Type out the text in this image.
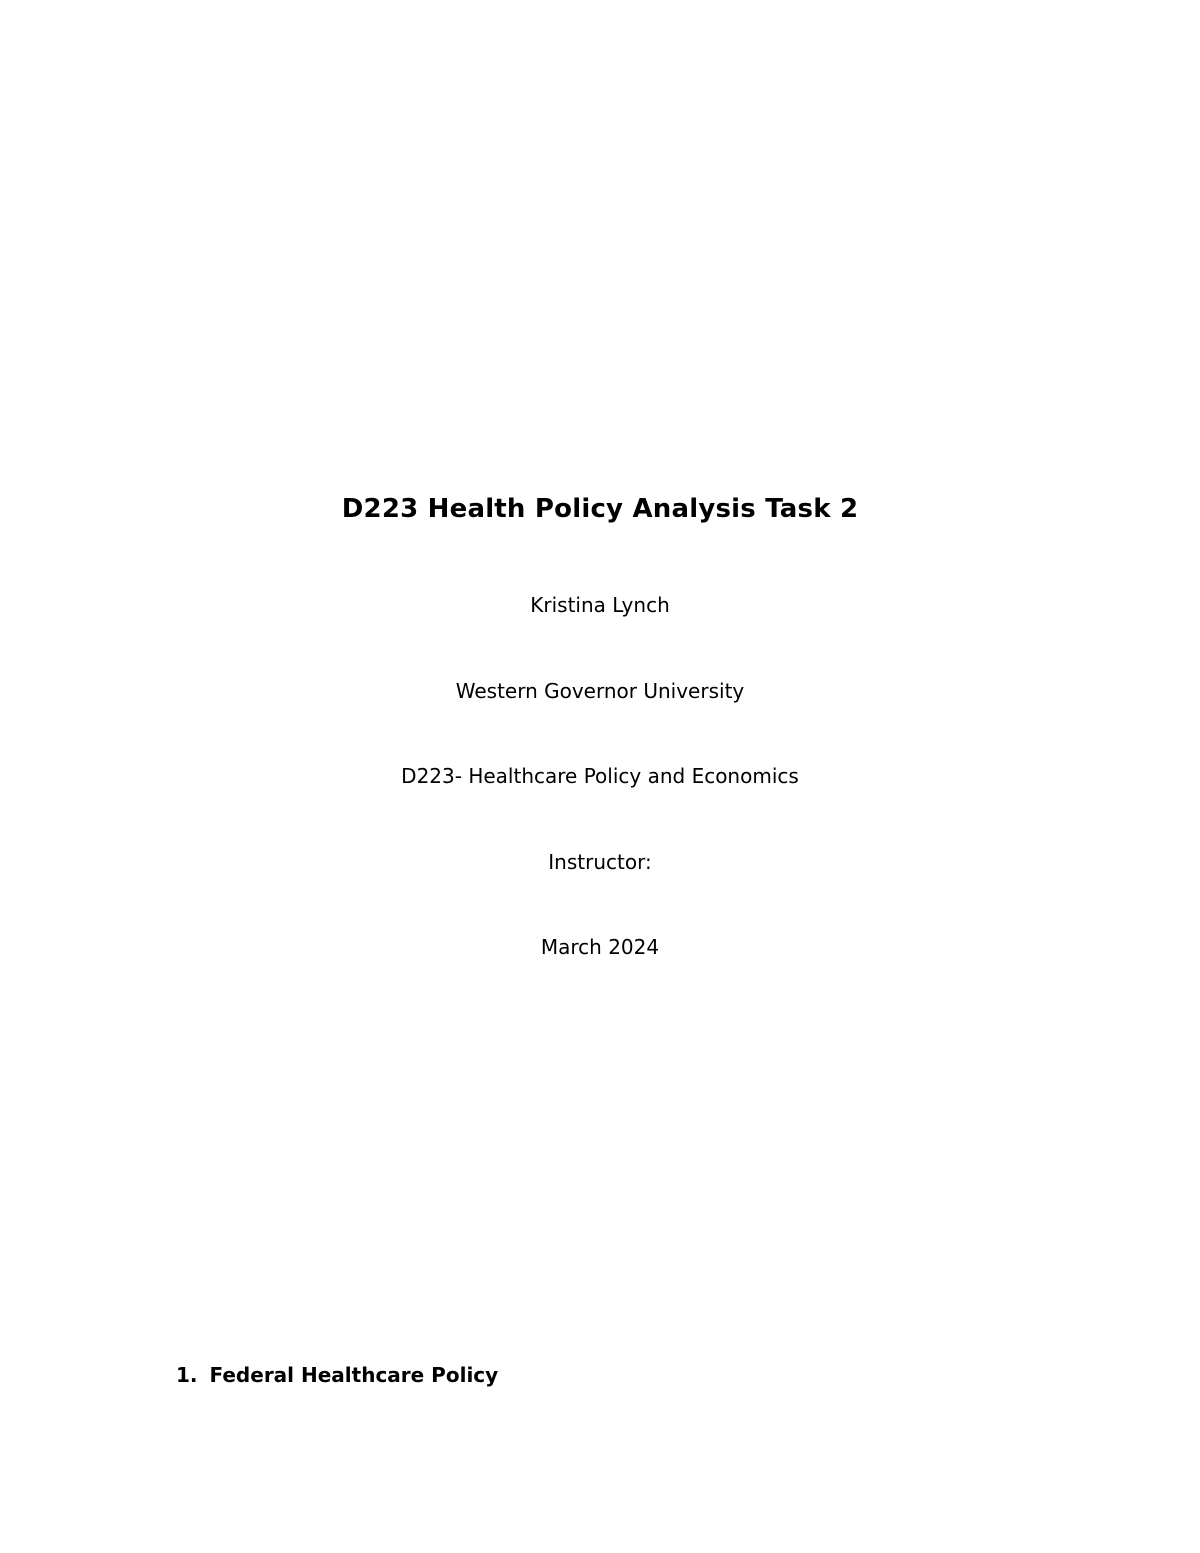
D223 Health Policy Analysis Task 2

Kristina Lynch

Western Governor University

D223- Healthcare Policy and Economics

Instructor:

March 2024

1. Federal Healthcare Policy
